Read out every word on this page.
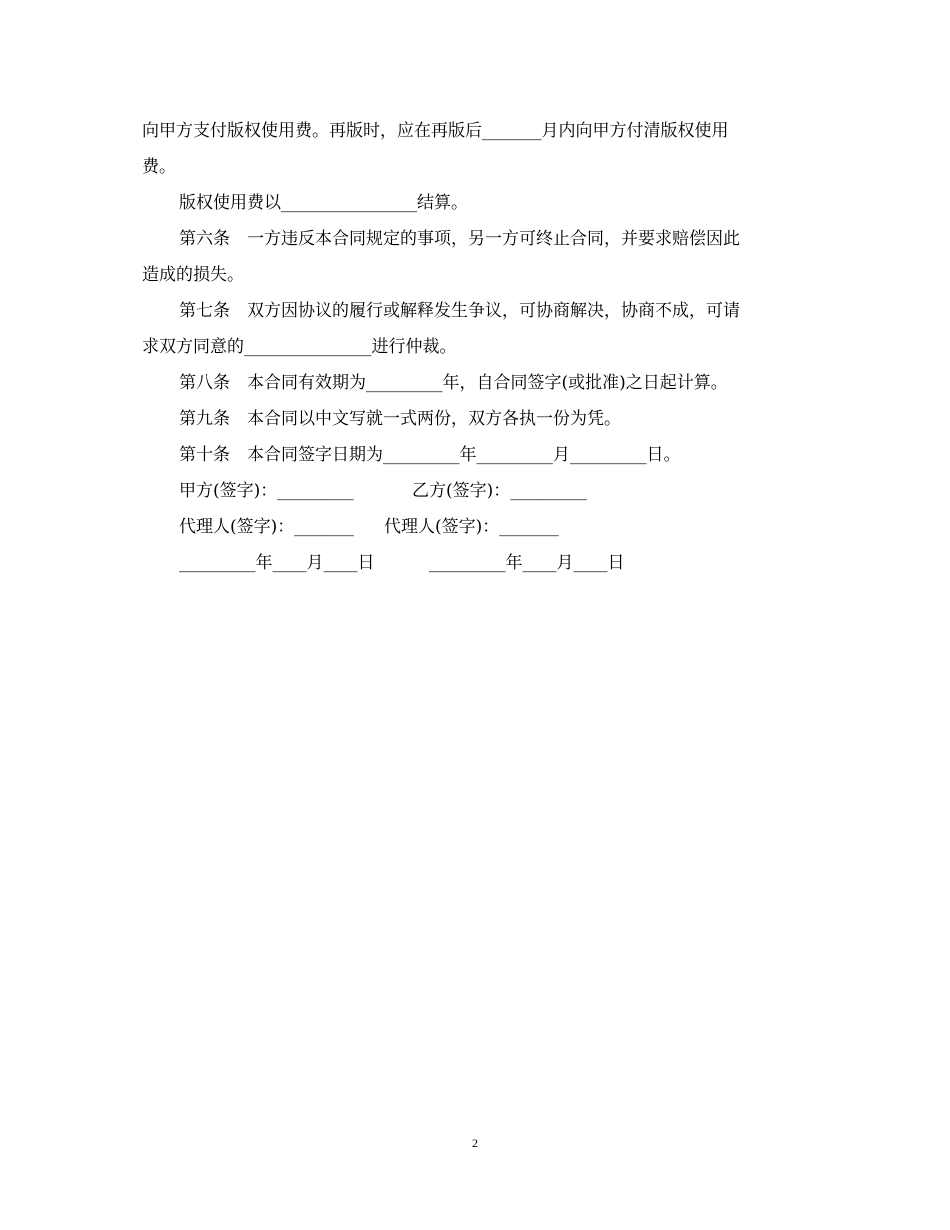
向甲方支付版权使用费。再版时，应在再版后_______月内向甲方付清版权使用
费。

版权使用费以________________结算。

第六条　一方违反本合同规定的事项，另一方可终止合同，并要求赔偿因此
造成的损失。

第七条　双方因协议的履行或解释发生争议，可协商解决，协商不成，可请
求双方同意的_______________进行仲裁。

第八条　本合同有效期为_________年，自合同签字(或批准)之日起计算。

第九条　本合同以中文写就一式两份，双方各执一份为凭。

第十条　本合同签字日期为_________年_________月_________日。

甲方(签字)：_________	乙方(签字)：_________
代理人(签字)：_______ 代理人(签字)：_______
_________年____月____日	_________年____月____日
2
